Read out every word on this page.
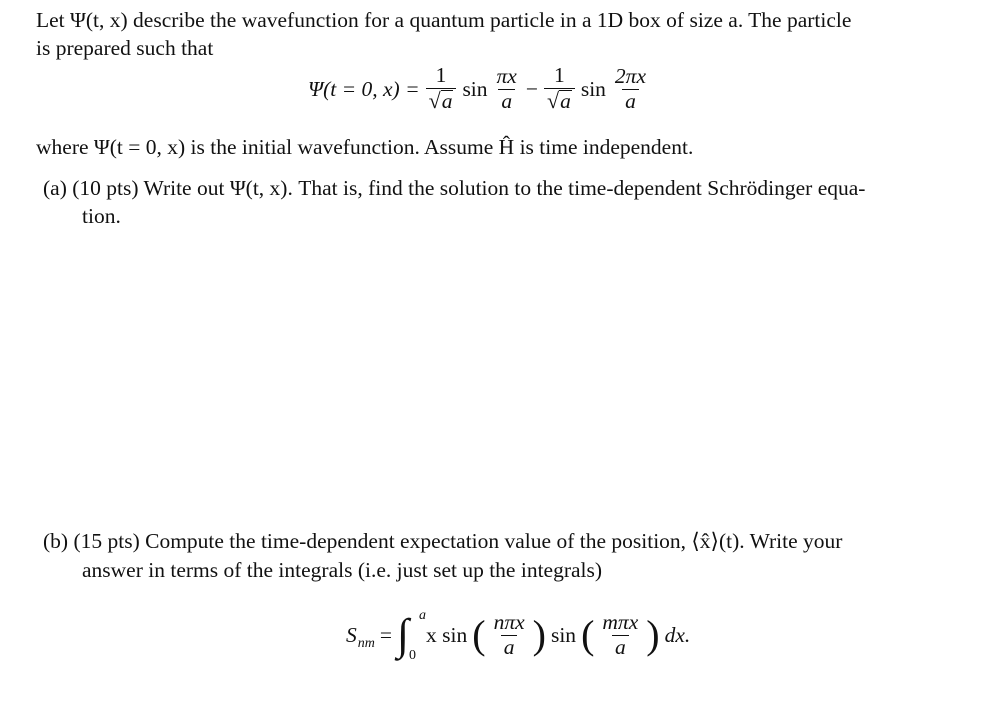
Let Ψ(t, x) describe the wavefunction for a quantum particle in a 1D box of size a. The particle
is prepared such that
Ψ(t = 0, $x) = \frac{1}{√ a}$ $\sin \frac{\pi x}{a} - \frac{1}{√ a}$ $\sin \frac{2\pi x}{a}$
where Ψ(t = 0, x) is the initial wavefunction. Assume Ĥ is time independent.
(a) (10 pts) Write out Ψ(t, x). That is, find the solution to the time-dependent Schrödinger equa-
tion.
(b) (15 pts) Compute the time-dependent expectation value of the position, ⟨x̂⟩(t). Write your
answer in terms of the integrals (i.e. just set up the integrals)
$S_{nm}$ = ∫ a
0
x sin ( $\frac{\text{nπx}}{a}$ ) sin ( $\frac{\text{mπx}}{a}$ ) dx.
